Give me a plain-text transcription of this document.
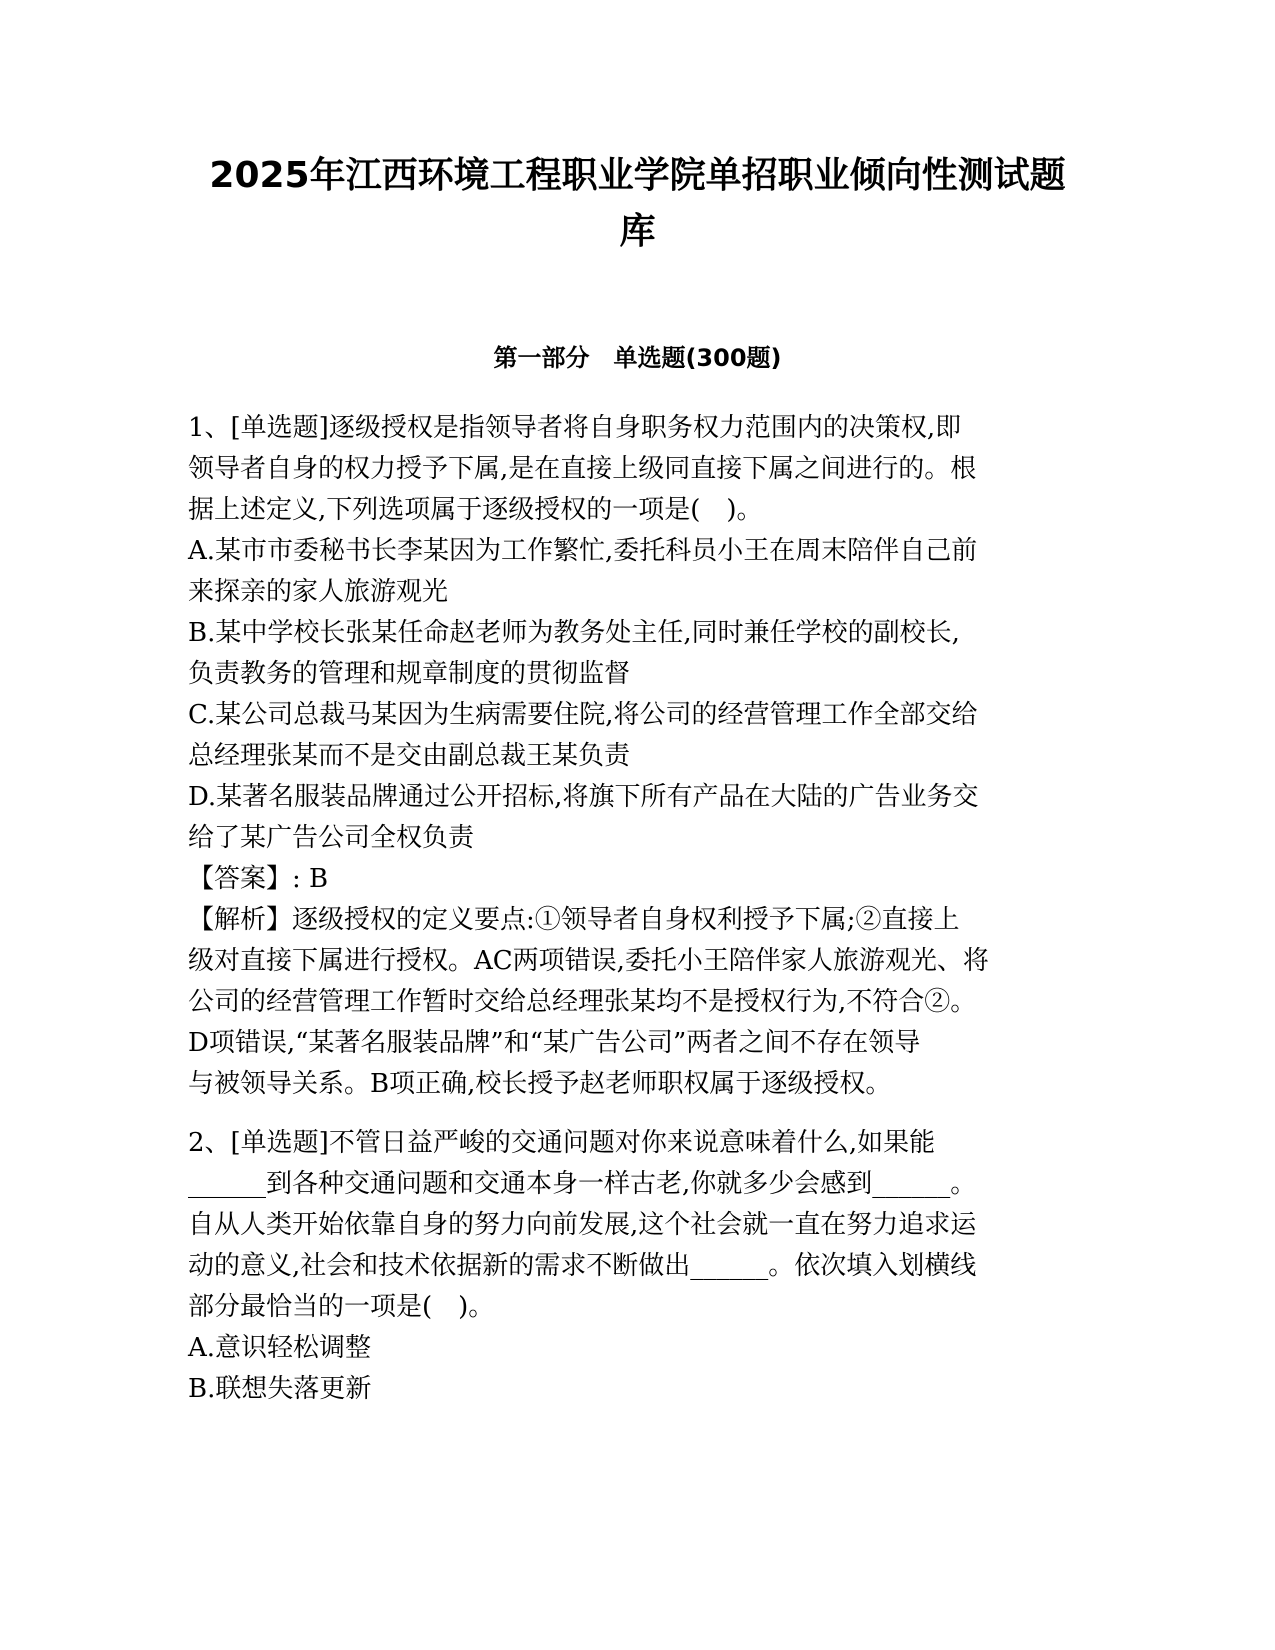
2025年江西环境工程职业学院单招职业倾向性测试题
库
第一部分　单选题(300题)

1、[单选题]逐级授权是指领导者将自身职务权力范围内的决策权,即
领导者自身的权力授予下属,是在直接上级同直接下属之间进行的。根
据上述定义,下列选项属于逐级授权的一项是(　)。

A.某市市委秘书长李某因为工作繁忙,委托科员小王在周末陪伴自己前
来探亲的家人旅游观光

B.某中学校长张某任命赵老师为教务处主任,同时兼任学校的副校长,
负责教务的管理和规章制度的贯彻监督

C.某公司总裁马某因为生病需要住院,将公司的经营管理工作全部交给
总经理张某而不是交由副总裁王某负责

D.某著名服装品牌通过公开招标,将旗下所有产品在大陆的广告业务交
给了某广告公司全权负责

【答案】: B

【解析】逐级授权的定义要点:①领导者自身权利授予下属;②直接上
级对直接下属进行授权。AC两项错误,委托小王陪伴家人旅游观光、将
公司的经营管理工作暂时交给总经理张某均不是授权行为,不符合②。
D项错误,“某著名服装品牌”和“某广告公司”两者之间不存在领导
与被领导关系。B项正确,校长授予赵老师职权属于逐级授权。

2、[单选题]不管日益严峻的交通问题对你来说意味着什么,如果能
______到各种交通问题和交通本身一样古老,你就多少会感到______。
自从人类开始依靠自身的努力向前发展,这个社会就一直在努力追求运
动的意义,社会和技术依据新的需求不断做出______。依次填入划横线
部分最恰当的一项是(　)。

A.意识轻松调整

B.联想失落更新
